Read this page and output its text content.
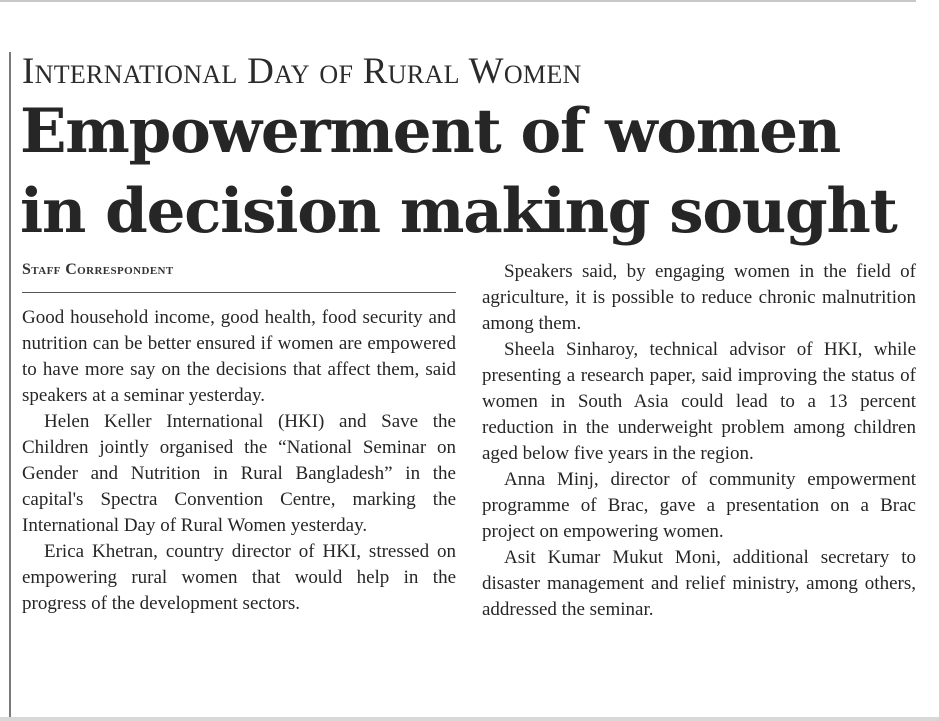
International Day of Rural Women
Empowerment of women
in decision making sought
Staff Correspondent

Good household income, good health, food security and nutrition can be better ensured if women are empowered to have more say on the decisions that affect them, said speakers at a seminar yesterday.

Helen Keller International (HKI) and Save the Children jointly organised the “National Seminar on Gender and Nutrition in Rural Bangladesh” in the capital's Spectra Convention Centre, marking the International Day of Rural Women yesterday.

Erica Khetran, country director of HKI, stressed on empowering rural women that would help in the progress of the development sectors.

Speakers said, by engaging women in the field of agriculture, it is possible to reduce chronic malnutrition among them.

Sheela Sinharoy, technical advisor of HKI, while presenting a research paper, said improving the status of women in South Asia could lead to a 13 percent reduction in the underweight problem among children aged below five years in the region.

Anna Minj, director of community empowerment programme of Brac, gave a presentation on a Brac project on empowering women.

Asit Kumar Mukut Moni, additional secretary to disaster management and relief ministry, among others, addressed the seminar.
